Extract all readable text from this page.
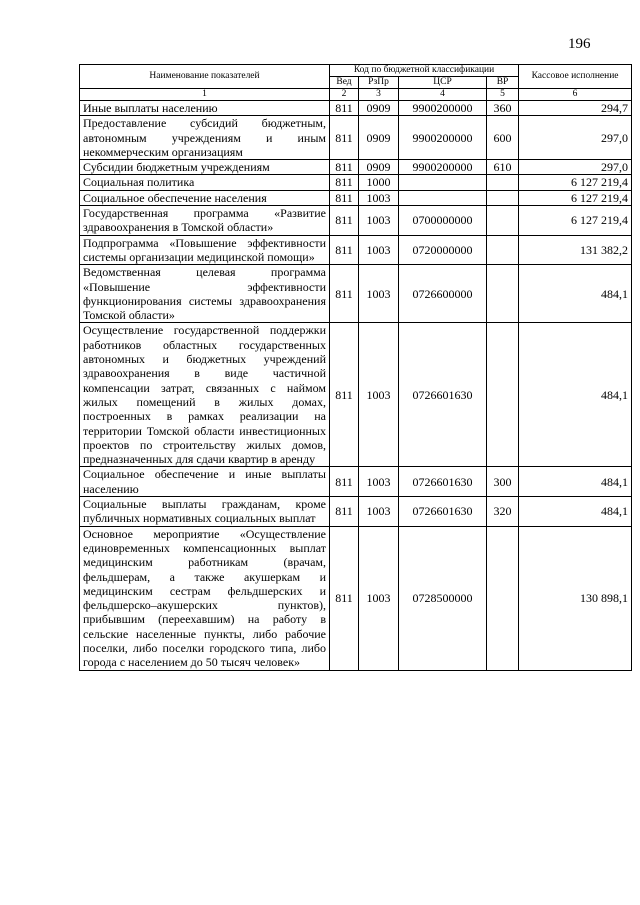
196
Наименование показателей	Код по бюджетной классификации				Кассовое исполнение
	Вед	РзПр	ЦСР	ВР	
1	2	3	4	5	6
Иные выплаты населению	811	0909	9900200000	360	294,7
Предоставление субсидий бюджетным, автономным учреждениям и иным некоммерческим организациям	811	0909	9900200000	600	297,0
Субсидии бюджетным учреждениям	811	0909	9900200000	610	297,0
Социальная политика	811	1000			6 127 219,4
Социальное обеспечение населения	811	1003			6 127 219,4
Государственная программа «Развитие здравоохранения в Томской области»	811	1003	0700000000		6 127 219,4
Подпрограмма «Повышение эффективности системы организации медицинской помощи»	811	1003	0720000000		131 382,2
Ведомственная целевая программа «Повышение эффективности функционирования системы здравоохранения Томской области»	811	1003	0726600000		484,1
Осуществление государственной поддержки работников областных государственных автономных и бюджетных учреждений здравоохранения в виде частичной компенсации затрат, связанных с наймом жилых помещений в жилых домах, построенных в рамках реализации на территории Томской области инвестиционных проектов по строительству жилых домов, предназначенных для сдачи квартир в аренду	811	1003	0726601630		484,1
Социальное обеспечение и иные выплаты населению	811	1003	0726601630	300	484,1
Социальные выплаты гражданам, кроме публичных нормативных социальных выплат	811	1003	0726601630	320	484,1
Основное мероприятие «Осуществление единовременных компенсационных выплат медицинским работникам (врачам, фельдшерам, а также акушеркам и медицинским сестрам фельдшерских и фельдшерско–акушерских пунктов), прибывшим (переехавшим) на работу в сельские населенные пункты, либо рабочие поселки, либо поселки городского типа, либо города с населением до 50 тысяч человек»	811	1003	0728500000		130 898,1
